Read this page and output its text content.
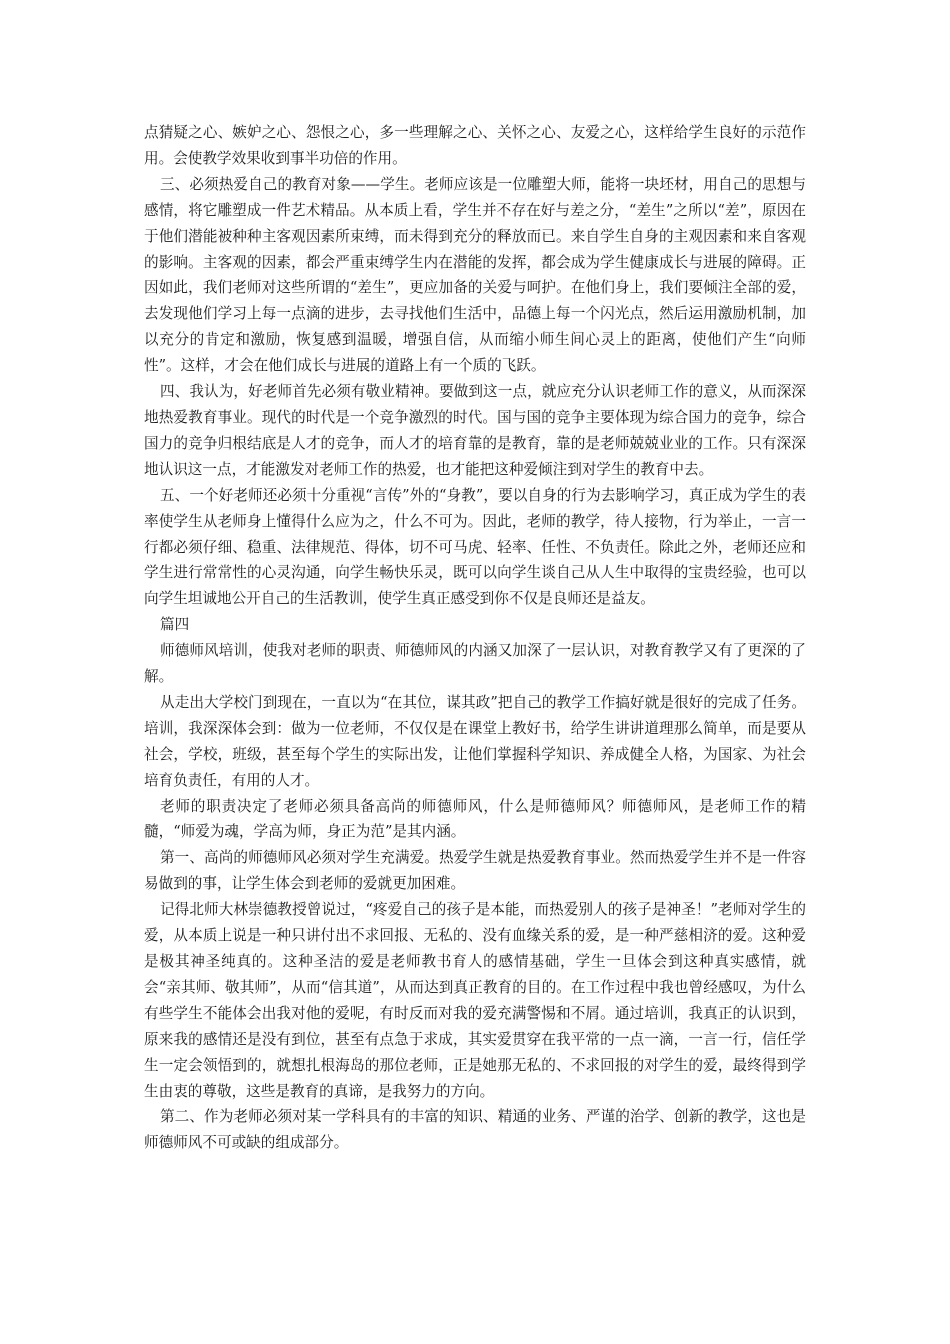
点猜疑之心、嫉妒之心、怨恨之心，多一些理解之心、关怀之心、友爱之心，这样给学生良好的示范作用。会使教学效果收到事半功倍的作用。

三、必须热爱自己的教育对象——学生。老师应该是一位雕塑大师，能将一块坯材，用自己的思想与感情，将它雕塑成一件艺术精品。从本质上看，学生并不存在好与差之分，“差生”之所以“差”，原因在于他们潜能被种种主客观因素所束缚，而未得到充分的释放而已。来自学生自身的主观因素和来自客观的影响。主客观的因素，都会严重束缚学生内在潜能的发挥，都会成为学生健康成长与进展的障碍。正因如此，我们老师对这些所谓的“差生”，更应加备的关爱与呵护。在他们身上，我们要倾注全部的爱，去发现他们学习上每一点滴的进步，去寻找他们生活中，品德上每一个闪光点，然后运用激励机制，加以充分的肯定和激励，恢复感到温暖，增强自信，从而缩小师生间心灵上的距离，使他们产生“向师性”。这样，才会在他们成长与进展的道路上有一个质的飞跃。

四、我认为，好老师首先必须有敬业精神。要做到这一点，就应充分认识老师工作的意义，从而深深地热爱教育事业。现代的时代是一个竞争激烈的时代。国与国的竞争主要体现为综合国力的竞争，综合国力的竞争归根结底是人才的竞争，而人才的培育靠的是教育，靠的是老师兢兢业业的工作。只有深深地认识这一点，才能激发对老师工作的热爱，也才能把这种爱倾注到对学生的教育中去。

五、一个好老师还必须十分重视“言传”外的“身教”，要以自身的行为去影响学习，真正成为学生的表率使学生从老师身上懂得什么应为之，什么不可为。因此，老师的教学，待人接物，行为举止，一言一行都必须仔细、稳重、法律规范、得体，切不可马虎、轻率、任性、不负责任。除此之外，老师还应和学生进行常常性的心灵沟通，向学生畅快乐灵，既可以向学生谈自己从人生中取得的宝贵经验，也可以向学生坦诚地公开自己的生活教训，使学生真正感受到你不仅是良师还是益友。

篇四

师德师风培训，使我对老师的职责、师德师风的内涵又加深了一层认识，对教育教学又有了更深的了解。

从走出大学校门到现在，一直以为“在其位，谋其政”把自己的教学工作搞好就是很好的完成了任务。培训，我深深体会到：做为一位老师，不仅仅是在课堂上教好书，给学生讲讲道理那么简单，而是要从社会，学校，班级，甚至每个学生的实际出发，让他们掌握科学知识、养成健全人格，为国家、为社会培育负责任，有用的人才。

老师的职责决定了老师必须具备高尚的师德师风，什么是师德师风？师德师风，是老师工作的精髓，“师爱为魂，学高为师，身正为范”是其内涵。

第一、高尚的师德师风必须对学生充满爱。热爱学生就是热爱教育事业。然而热爱学生并不是一件容易做到的事，让学生体会到老师的爱就更加困难。

记得北师大林崇德教授曾说过，“疼爱自己的孩子是本能，而热爱别人的孩子是神圣！”老师对学生的爱，从本质上说是一种只讲付出不求回报、无私的、没有血缘关系的爱，是一种严慈相济的爱。这种爱是极其神圣纯真的。这种圣洁的爱是老师教书育人的感情基础，学生一旦体会到这种真实感情，就会“亲其师、敬其师”，从而“信其道”，从而达到真正教育的目的。在工作过程中我也曾经感叹，为什么有些学生不能体会出我对他的爱呢，有时反而对我的爱充满警惕和不屑。通过培训，我真正的认识到，原来我的感情还是没有到位，甚至有点急于求成，其实爱贯穿在我平常的一点一滴，一言一行，信任学生一定会领悟到的，就想扎根海岛的那位老师，正是她那无私的、不求回报的对学生的爱，最终得到学生由衷的尊敬，这些是教育的真谛，是我努力的方向。

第二、作为老师必须对某一学科具有的丰富的知识、精通的业务、严谨的治学、创新的教学，这也是师德师风不可或缺的组成部分。
